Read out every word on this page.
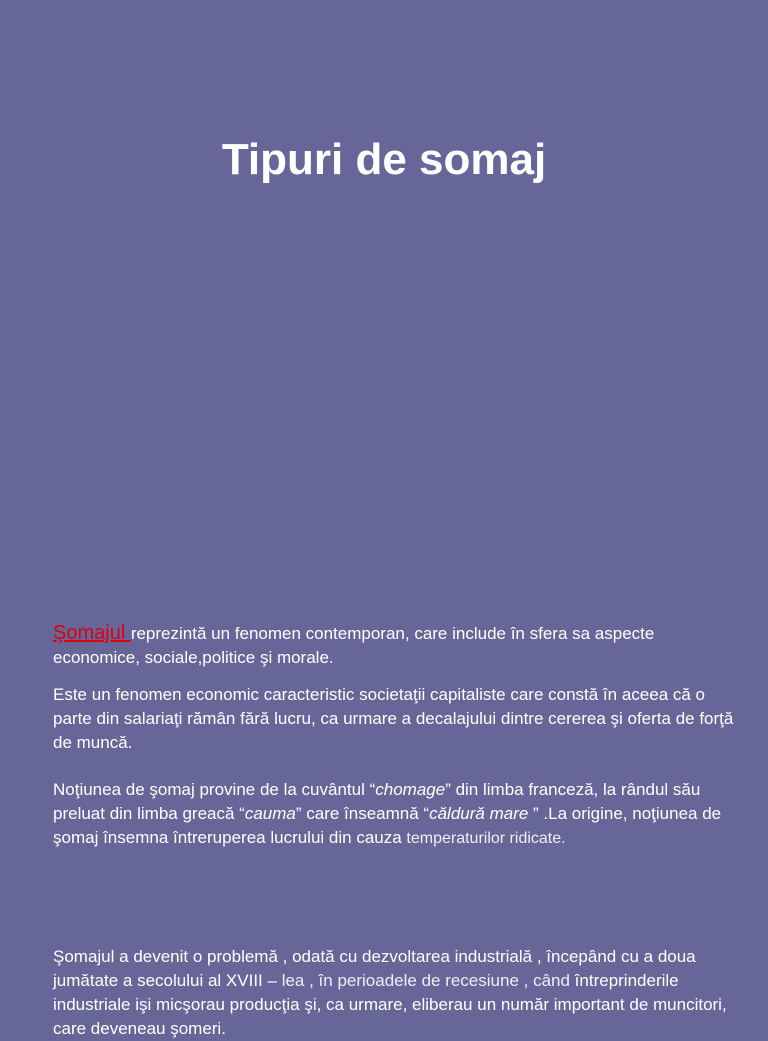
Tipuri de somaj

Şomajul reprezintă un fenomen contemporan, care include în sfera sa aspecte economice, sociale,politice şi morale.

Este un fenomen economic caracteristic societaţii capitaliste care constă în aceea că o parte din salariaţi rămân fără lucru, ca urmare a decalajului dintre cererea şi oferta de forţă de muncă.

Noţiunea de şomaj provine de la cuvântul “chomage” din limba franceză, la rândul său preluat din limba greacă “cauma” care înseamnă “căldură mare ” .La origine, noţiunea de şomaj însemna întreruperea lucrului din cauza temperaturilor ridicate.

Şomajul a devenit o problemă , odată cu dezvoltarea industrială , începând cu a doua jumătate a secolului al XVIII – lea , în perioadele de recesiune , când întreprinderile industriale işi micşorau producţia şi, ca urmare, eliberau un număr important de muncitori, care deveneau şomeri.
